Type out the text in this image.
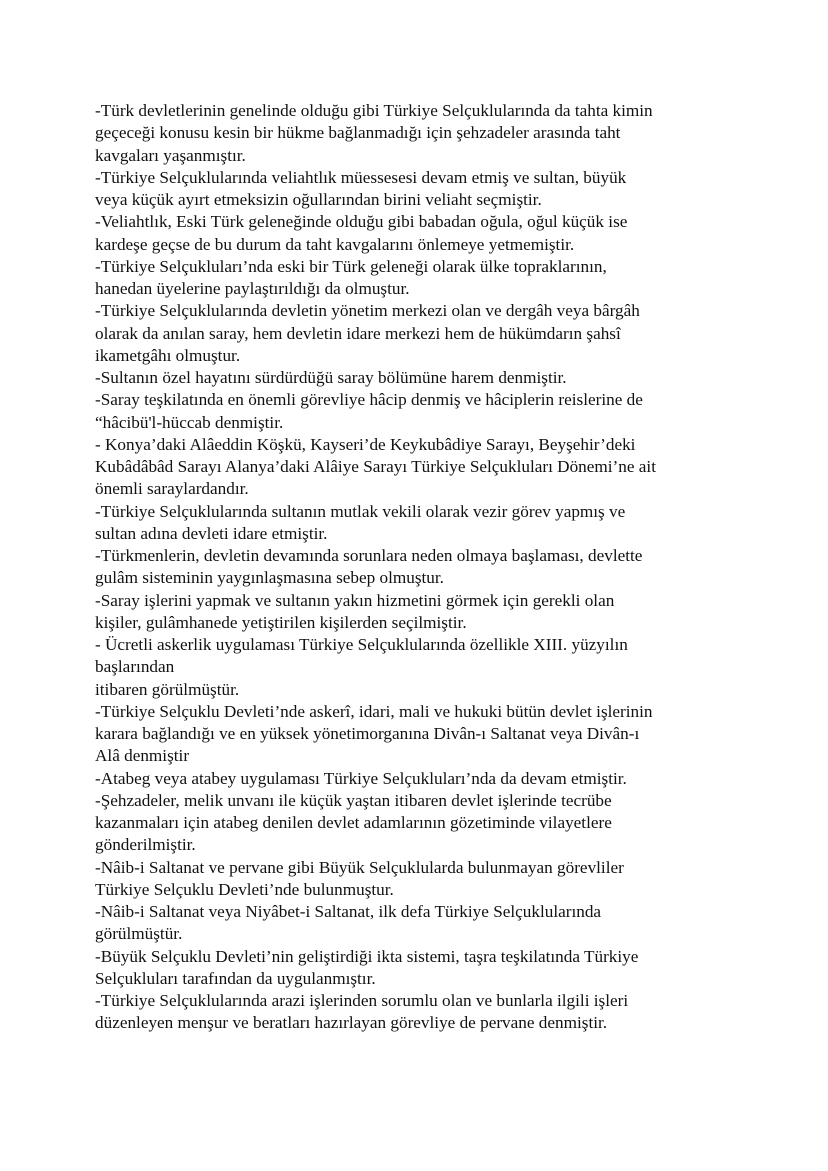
-Türk devletlerinin genelinde olduğu gibi Türkiye Selçuklularında da tahta kimin
geçeceği konusu kesin bir hükme bağlanmadığı için şehzadeler arasında taht
kavgaları yaşanmıştır.
-Türkiye Selçuklularında veliahtlık müessesesi devam etmiş ve sultan, büyük
veya küçük ayırt etmeksizin oğullarından birini veliaht seçmiştir.
-Veliahtlık, Eski Türk geleneğinde olduğu gibi babadan oğula, oğul küçük ise
kardeşe geçse de bu durum da taht kavgalarını önlemeye yetmemiştir.
-Türkiye Selçukluları’nda eski bir Türk geleneği olarak ülke topraklarının,
hanedan üyelerine paylaştırıldığı da olmuştur.
-Türkiye Selçuklularında devletin yönetim merkezi olan ve dergâh veya bârgâh
olarak da anılan saray, hem devletin idare merkezi hem de hükümdarın şahsî
ikametgâhı olmuştur.
-Sultanın özel hayatını sürdürdüğü saray bölümüne harem denmiştir.
-Saray teşkilatında en önemli görevliye hâcip denmiş ve hâciplerin reislerine de
“hâcibü'l-hüccab denmiştir.
- Konya’daki Alâeddin Köşkü, Kayseri’de Keykubâdiye Sarayı, Beyşehir’deki
Kubâdâbâd Sarayı Alanya’daki Alâiye Sarayı Türkiye Selçukluları Dönemi’ne ait
önemli saraylardandır.
-Türkiye Selçuklularında sultanın mutlak vekili olarak vezir görev yapmış ve
sultan adına devleti idare etmiştir.
-Türkmenlerin, devletin devamında sorunlara neden olmaya başlaması, devlette
gulâm sisteminin yaygınlaşmasına sebep olmuştur.
-Saray işlerini yapmak ve sultanın yakın hizmetini görmek için gerekli olan
kişiler, gulâmhanede yetiştirilen kişilerden seçilmiştir.
- Ücretli askerlik uygulaması Türkiye Selçuklularında özellikle XIII. yüzyılın
başlarından
itibaren görülmüştür.
-Türkiye Selçuklu Devleti’nde askerî, idari, mali ve hukuki bütün devlet işlerinin
karara bağlandığı ve en yüksek yönetimorganına Divân-ı Saltanat veya Divân-ı
Alâ denmiştir
-Atabeg veya atabey uygulaması Türkiye Selçukluları’nda da devam etmiştir.
-Şehzadeler, melik unvanı ile küçük yaştan itibaren devlet işlerinde tecrübe
kazanmaları için atabeg denilen devlet adamlarının gözetiminde vilayetlere
gönderilmiştir.
-Nâib-i Saltanat ve pervane gibi Büyük Selçuklularda bulunmayan görevliler
Türkiye Selçuklu Devleti’nde bulunmuştur.
-Nâib-i Saltanat veya Niyâbet-i Saltanat, ilk defa Türkiye Selçuklularında
görülmüştür.
-Büyük Selçuklu Devleti’nin geliştirdiği ikta sistemi, taşra teşkilatında Türkiye
Selçukluları tarafından da uygulanmıştır.
-Türkiye Selçuklularında arazi işlerinden sorumlu olan ve bunlarla ilgili işleri
düzenleyen menşur ve beratları hazırlayan görevliye de pervane denmiştir.
